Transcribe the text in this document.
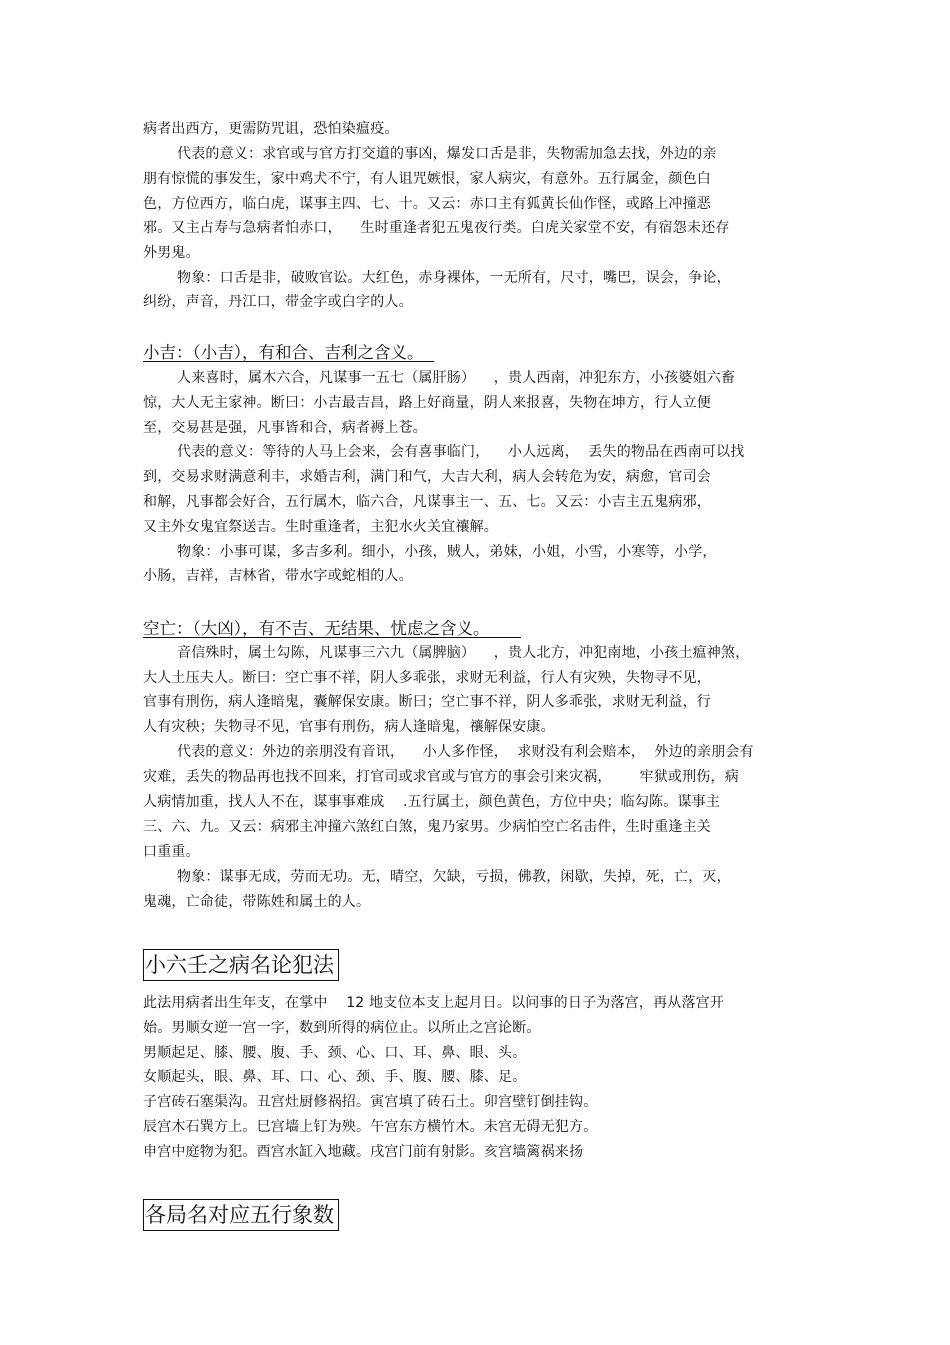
病者出西方，更需防咒诅，恐怕染瘟疫。
代表的意义：求官或与官方打交道的事凶，爆发口舌是非，失物需加急去找，外边的亲
朋有惊慌的事发生，家中鸡犬不宁，有人诅咒嫉恨，家人病灾，有意外。五行属金，颜色白
色，方位西方，临白虎，谋事主四、七、十。又云：赤口主有狐黄长仙作怪，或路上冲撞恶
邪。又主占寿与急病者怕赤口，    生时重逢者犯五鬼夜行类。白虎关家堂不安，有宿怨未还存
外男鬼。
物象：口舌是非，破败官讼。大红色，赤身裸体，一无所有，尺寸，嘴巴，误会，争论，
纠纷，声音，丹江口，带金字或白字的人。
小吉：（小吉），有和合、吉利之含义。
人来喜时，属木六合，凡谋事一五七（属肝肠）    ，贵人西南，冲犯东方，小孩婆姐六畜
惊，大人无主家神。断曰：小吉最吉昌，路上好商量，阴人来报喜，失物在坤方，行人立便
至，交易甚是强，凡事皆和合，病者褥上苍。
代表的意义：等待的人马上会来，会有喜事临门，    小人远离，  丢失的物品在西南可以找
到，交易求财满意利丰，求婚吉利，满门和气，大吉大利，病人会转危为安，病愈，官司会
和解，凡事都会好合，五行属木，临六合，凡谋事主一、五、七。又云：小吉主五鬼病邪，
又主外女鬼宜祭送吉。生时重逢者，主犯水火关宜禳解。
物象：小事可谋，多吉多利。细小，小孩，贼人，弟妹，小姐，小雪，小寒等，小学，
小肠，吉祥，吉林省，带水字或蛇相的人。
空亡：（大凶），有不吉、无结果、忧虑之含义。
音信殊时，属土勾陈，凡谋事三六九（属脾脑）    ，贵人北方，冲犯南地，小孩土瘟神煞，
大人土压夫人。断曰：空亡事不祥，阴人多乖张，求财无利益，行人有灾殃，失物寻不见，
官事有刑伤，病人逢暗鬼，囊解保安康。断曰；空亡事不祥，阴人多乖张，求财无利益，行
人有灾秧；失物寻不见，官事有刑伤，病人逢暗鬼，禳解保安康。
代表的意义：外边的亲朋没有音讯，    小人多作怪，  求财没有利会赔本，  外边的亲朋会有
灾难，丢失的物品再也找不回来，打官司或求官或与官方的事会引来灾祸，      牢狱或刑伤，病
人病情加重，找人人不在，谋事事难成    .五行属土，颜色黄色，方位中央；临勾陈。谋事主
三、六、九。又云：病邪主冲撞六煞红白煞，鬼乃家男。少病怕空亡名击件，生时重逢主关
口重重。
物象：谋事无成，劳而无功。无，晴空，欠缺，亏损，佛教，闲歇，失掉，死，亡，灭，
鬼魂，亡命徒，带陈姓和属土的人。
小六壬之病名论犯法
此法用病者出生年支，在掌中    12 地支位本支上起月日。以问事的日子为落宫，再从落宫开
始。男顺女逆一宫一字，数到所得的病位止。以所止之宫论断。
男顺起足、膝、腰、腹、手、颈、心、口、耳、鼻、眼、头。
女顺起头，眼、鼻、耳、口、心、颈、手、腹、腰、膝、足。
子宫砖石塞渠沟。丑宫灶厨修祸招。寅宫填了砖石土。卯宫壁钉倒挂钩。
辰宫木石巽方上。巳宫墙上钉为殃。午宫东方横竹木。未宫无碍无犯方。
申宫中庭物为犯。酉宫水缸入地藏。戌宫门前有射影。亥宫墙篱祸来扬
各局名对应五行象数
